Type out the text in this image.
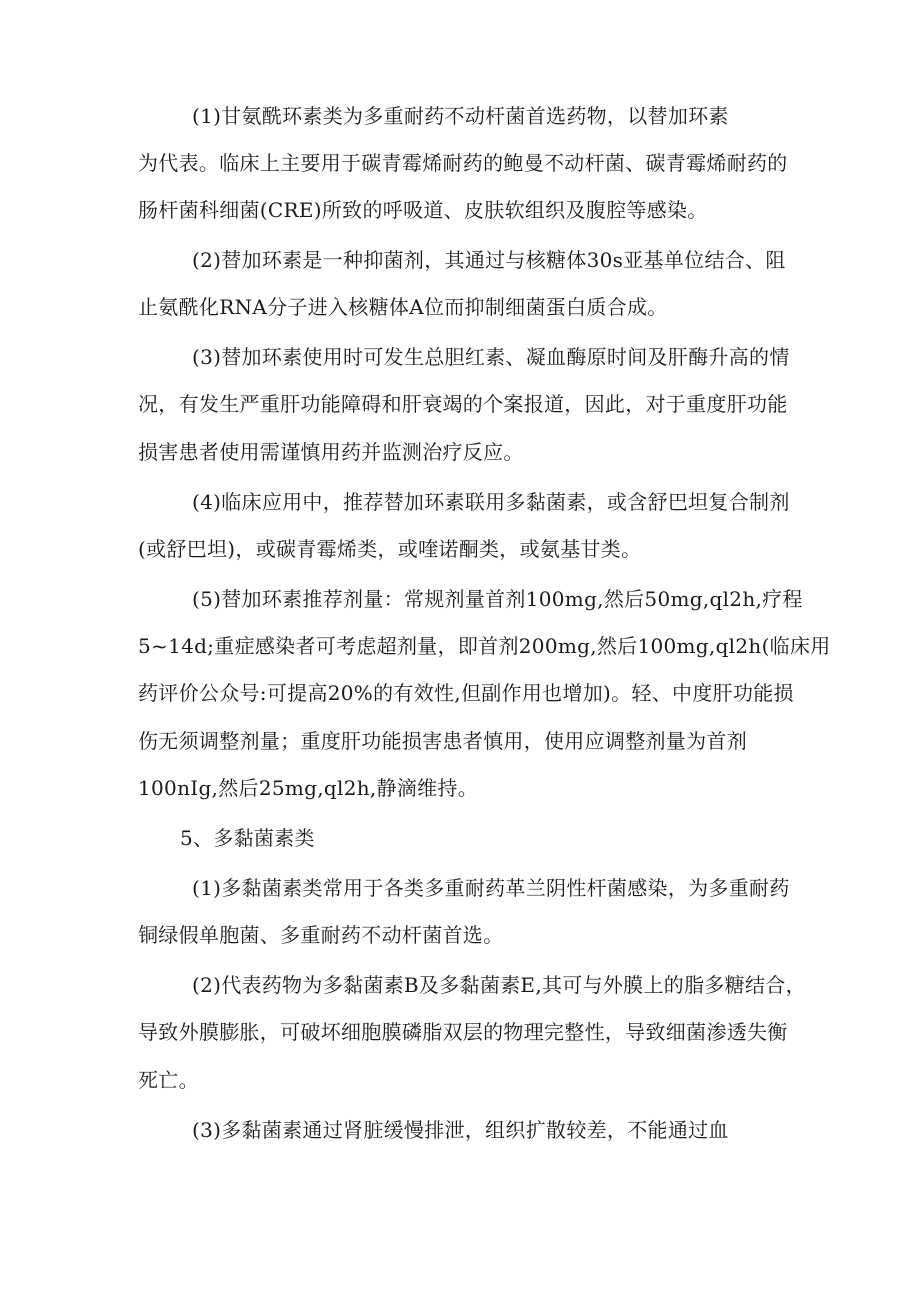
(1)甘氨酰环素类为多重耐药不动杆菌首选药物，以替加环素
为代表。临床上主要用于碳青霉烯耐药的鲍曼不动杆菌、碳青霉烯耐药的
肠杆菌科细菌(CRE)所致的呼吸道、皮肤软组织及腹腔等感染。
(2)替加环素是一种抑菌剂，其通过与核糖体30s亚基单位结合、阻
止氨酰化RNA分子进入核糖体A位而抑制细菌蛋白质合成。
(3)替加环素使用时可发生总胆红素、凝血酶原时间及肝酶升高的情
况，有发生严重肝功能障碍和肝衰竭的个案报道，因此，对于重度肝功能
损害患者使用需谨慎用药并监测治疗反应。
(4)临床应用中，推荐替加环素联用多黏菌素，或含舒巴坦复合制剂
(或舒巴坦)，或碳青霉烯类，或喹诺酮类，或氨基甘类。
(5)替加环素推荐剂量：常规剂量首剂100mg,然后50mg,ql2h,疗程
5~14d;重症感染者可考虑超剂量，即首剂200mg,然后100mg,ql2h(临床用
药评价公众号:可提高20%的有效性,但副作用也增加)。轻、中度肝功能损
伤无须调整剂量；重度肝功能损害患者慎用，使用应调整剂量为首剂
100nIg,然后25mg,ql2h,静滴维持。
5、多黏菌素类
(1)多黏菌素类常用于各类多重耐药革兰阴性杆菌感染，为多重耐药
铜绿假单胞菌、多重耐药不动杆菌首选。
(2)代表药物为多黏菌素B及多黏菌素E,其可与外膜上的脂多糖结合，
导致外膜膨胀，可破坏细胞膜磷脂双层的物理完整性，导致细菌渗透失衡
死亡。
(3)多黏菌素通过肾脏缓慢排泄，组织扩散较差，不能通过血
